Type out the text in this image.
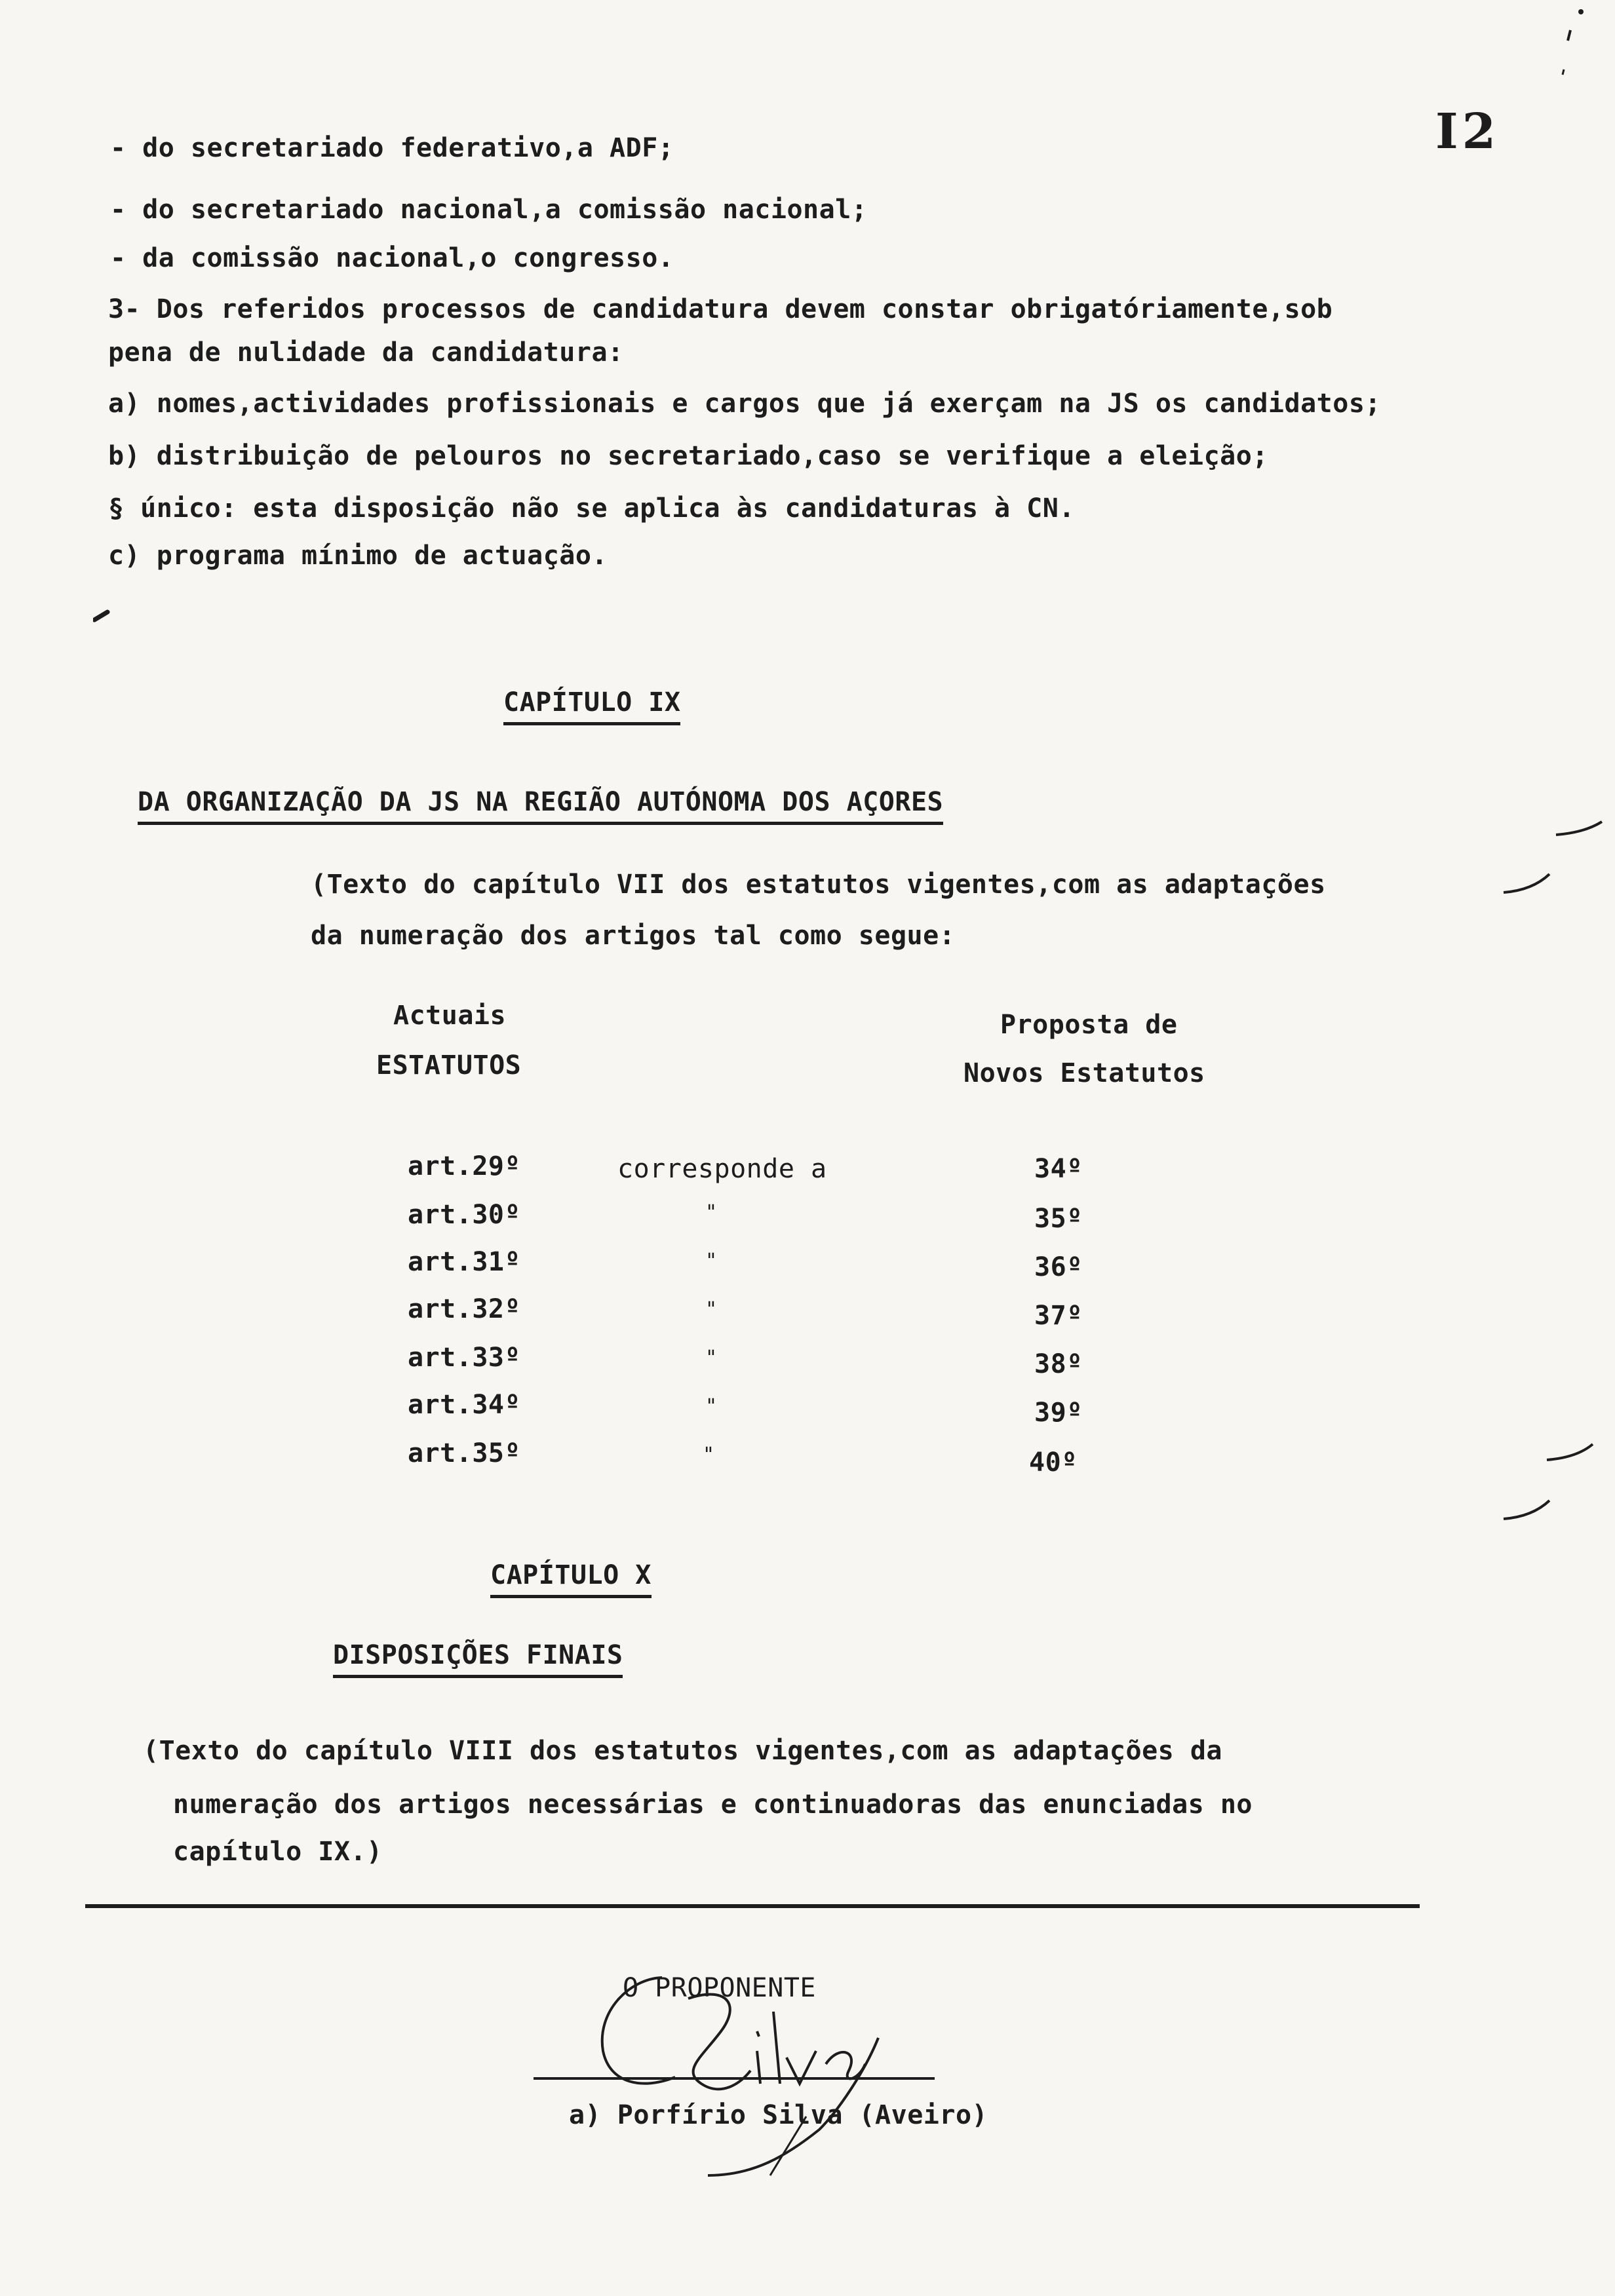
I2
- do secretariado federativo,a ADF;
- do secretariado nacional,a comissão nacional;
- da comissão nacional,o congresso.
3- Dos referidos processos de candidatura devem constar obrigatóriamente,sob
pena de nulidade da candidatura:
a) nomes,actividades profissionais e cargos que já exerçam na JS os candidatos;
b) distribuição de pelouros no secretariado,caso se verifique a eleição;
§ único: esta disposição não se aplica às candidaturas à CN.
c) programa mínimo de actuação.
CAPÍTULO IX
DA ORGANIZAÇÃO DA JS NA REGIÃO AUTÓNOMA DOS AÇORES
(Texto do capítulo VII dos estatutos vigentes,com as adaptações
da numeração dos artigos tal como segue:
Actuais
ESTATUTOS
Proposta de
Novos Estatutos
art.29º	corresponde a	34º
art.30º	"	35º
art.31º	"	36º
art.32º	"	37º
art.33º	"	38º
art.34º	"	39º
art.35º	"	40º
CAPÍTULO X
DISPOSIÇÕES FINAIS
(Texto do capítulo VIII dos estatutos vigentes,com as adaptações da
numeração dos artigos necessárias e continuadoras das enunciadas no
capítulo IX.)
O PROPONENTE
a) Porfírio Silva (Aveiro)
